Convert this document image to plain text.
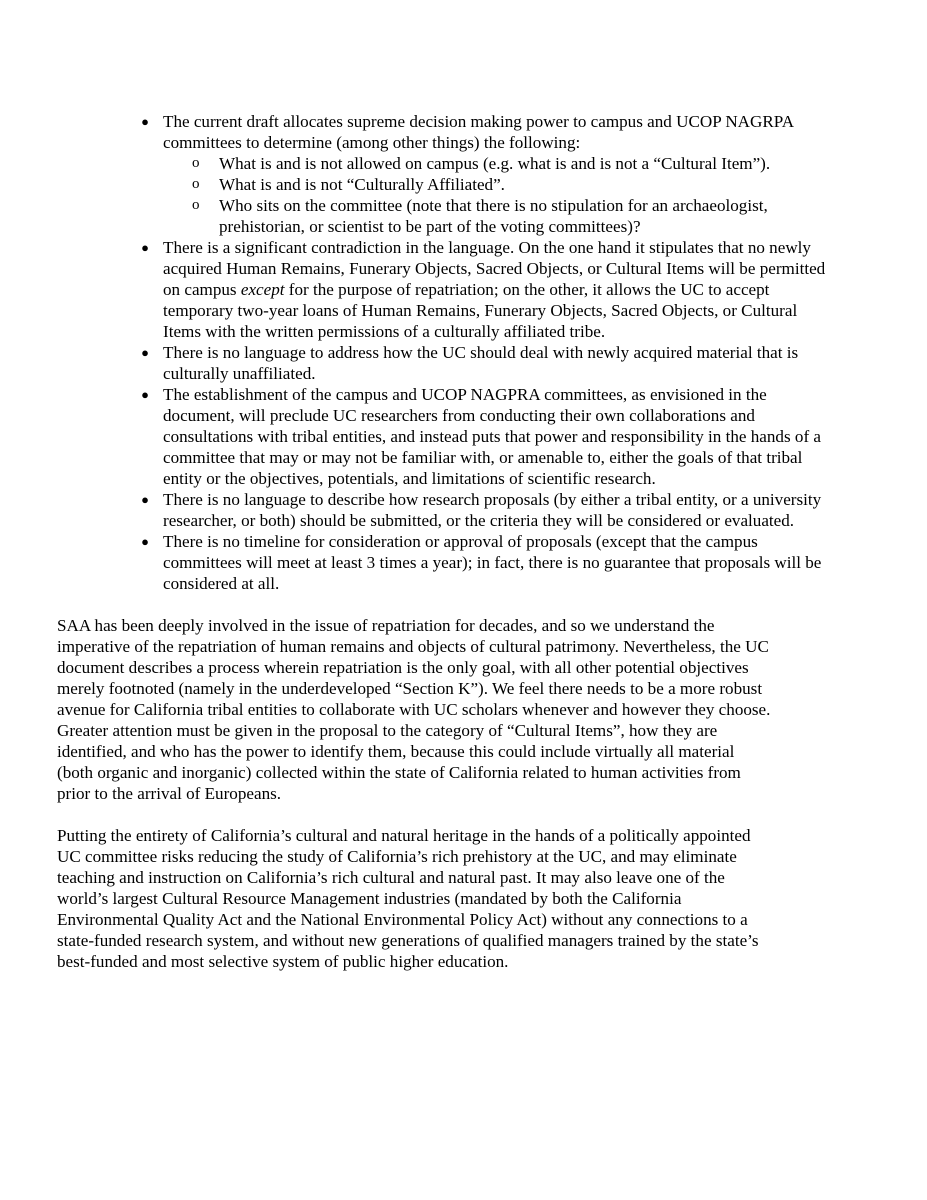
● The current draft allocates supreme decision making power to campus and UCOP NAGRPA committees to determine (among other things) the following:
o What is and is not allowed on campus (e.g. what is and is not a “Cultural Item”).
o What is and is not “Culturally Affiliated”.
o Who sits on the committee (note that there is no stipulation for an archaeologist, prehistorian, or scientist to be part of the voting committees)?
● There is a significant contradiction in the language. On the one hand it stipulates that no newly acquired Human Remains, Funerary Objects, Sacred Objects, or Cultural Items will be permitted on campus except for the purpose of repatriation; on the other, it allows the UC to accept temporary two-year loans of Human Remains, Funerary Objects, Sacred Objects, or Cultural Items with the written permissions of a culturally affiliated tribe.
● There is no language to address how the UC should deal with newly acquired material that is culturally unaffiliated.
● The establishment of the campus and UCOP NAGPRA committees, as envisioned in the document, will preclude UC researchers from conducting their own collaborations and consultations with tribal entities, and instead puts that power and responsibility in the hands of a committee that may or may not be familiar with, or amenable to, either the goals of that tribal entity or the objectives, potentials, and limitations of scientific research.
● There is no language to describe how research proposals (by either a tribal entity, or a university researcher, or both) should be submitted, or the criteria they will be considered or evaluated.
● There is no timeline for consideration or approval of proposals (except that the campus committees will meet at least 3 times a year); in fact, there is no guarantee that proposals will be considered at all.

SAA has been deeply involved in the issue of repatriation for decades, and so we understand the imperative of the repatriation of human remains and objects of cultural patrimony. Nevertheless, the UC document describes a process wherein repatriation is the only goal, with all other potential objectives merely footnoted (namely in the underdeveloped “Section K”). We feel there needs to be a more robust avenue for California tribal entities to collaborate with UC scholars whenever and however they choose. Greater attention must be given in the proposal to the category of “Cultural Items”, how they are identified, and who has the power to identify them, because this could include virtually all material (both organic and inorganic) collected within the state of California related to human activities from prior to the arrival of Europeans.

Putting the entirety of California’s cultural and natural heritage in the hands of a politically appointed UC committee risks reducing the study of California’s rich prehistory at the UC, and may eliminate teaching and instruction on California’s rich cultural and natural past. It may also leave one of the world’s largest Cultural Resource Management industries (mandated by both the California Environmental Quality Act and the National Environmental Policy Act) without any connections to a state-funded research system, and without new generations of qualified managers trained by the state’s best-funded and most selective system of public higher education.
